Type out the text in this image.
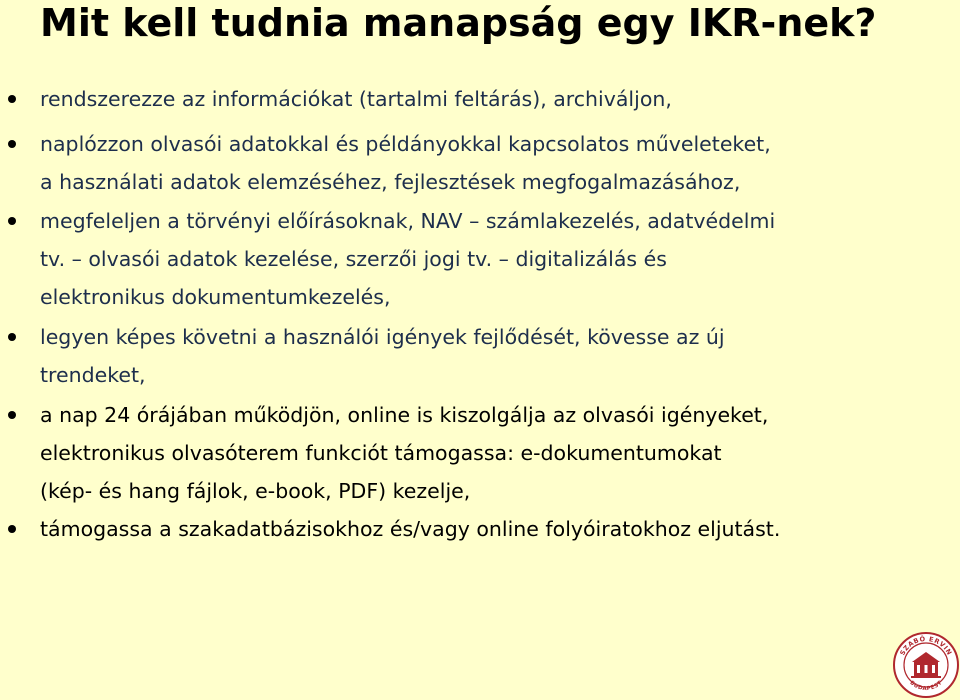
Mit kell tudnia manapság egy IKR-nek?

rendszerezze az információkat (tartalmi feltárás), archiváljon,

naplózzon olvasói adatokkal és példányokkal kapcsolatos műveleteket,
a használati adatok elemzéséhez, fejlesztések megfogalmazásához,

megfeleljen a törvényi előírásoknak, NAV – számlakezelés, adatvédelmi
tv. – olvasói adatok kezelése, szerzői jogi tv. – digitalizálás és
elektronikus dokumentumkezelés,

legyen képes követni a használói igények fejlődését, kövesse az új
trendeket,

a nap 24 órájában működjön, online is kiszolgálja az olvasói igényeket,
elektronikus olvasóterem funkciót támogassa: e-dokumentumokat
(kép- és hang fájlok, e-book, PDF) kezelje,

támogassa a szakadatbázisokhoz és/vagy online folyóiratokhoz eljutást.

SZABÓ ERVIN
BUDAPEST
